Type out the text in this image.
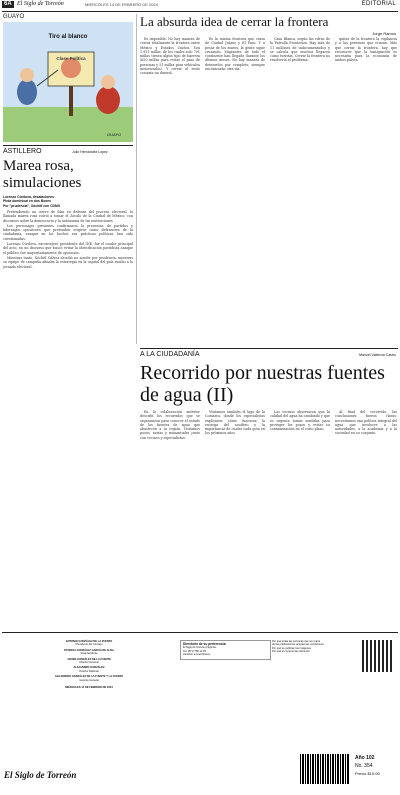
6A El Siglo de Torreón	MIÉRCOLES 14 DE FEBRERO DE 2024	EDITORIAL
GUAYO
Tiro al blanco
Clase Política
GUAYO
La absurda idea de cerrar la frontera
Jorge Ramos

Es imposible. No hay manera de cerrar totalmente la frontera entre México y Estados Unidos. Son 1,951 millas, de los cuales solo 701 millas tienen algún tipo de barrera (650 millas para evitar el paso de personas y 51 millas para vehículos motorizados). Y cerrar el resto costaría un dineral.

Es la misma frontera que cruza de Ciudad Juárez y El Paso. Y a pesar de los muros, la gente sigue cruzando. Migrantes de todo el continente han llegado durante los últimos meses. No hay manera de detenerlos por completo; siempre encontrarán otra vía.

Casa Blanca, según las cifras de la Patrulla Fronteriza. Hay más de 11 millones de indocumentados y se calcula que muchos llegaron como turistas. Cerrar la frontera no resolvería el problema.

quitar de la frontera la vigilancia y a las personas que cruzan. Más que cerrar la frontera, hay que reconocer que la inmigración es necesaria para la economía de ambos países.

ASTILLERO	Julio Hernández López
Marea rosa, simulaciones
Lorenzo Córdova, desalaciones
Pinta dominical en dos Boxes
Por "prudencia", Xóchitl con CDMX

Pretendiendo un cierre de filas en defensa del proceso electoral, la llamada marea rosa volvió a tomar el Zócalo de la Ciudad de México, con discursos sobre la democracia y la autonomía de las instituciones.

Los personajes presentes confirmaron la presencia de partidos y liderazgos opositores que pretenden erigirse como defensores de la ciudadanía, aunque en los hechos sus prácticas políticas han sido cuestionadas.

Lorenzo Córdova, exconsejero presidente del INE, fue el orador principal del acto, en un discurso que buscó evitar la identificación partidista aunque el público fue mayoritariamente de oposición.

Mientras tanto, Xóchitl Gálvez decidió no acudir por prudencia, mientras su equipo de campaña afinaba la estrategia en la capital del país rumbo a la jornada electoral.

A LA CIUDADANÍA	Manuel Valencia Castro
Recorrido por nuestras fuentes de agua (II)

En la colaboración anterior describí los recorridos que se organizaron para conocer el estado de las fuentes de agua que abastecen a la región. Visitamos pozos, norias y manantiales junto con vecinos y especialistas.

Visitamos también el lago de la Comarca, donde los especialistas explicaron cómo funciona la recarga del acuífero y la importancia de cuidar cada gota en los próximos años.

Los vecinos observaron que la calidad del agua ha cambiado y que es urgente tomar medidas para proteger los pozos y evitar su contaminación en el corto plazo.

Al final del recorrido, las conclusiones fueron claras: necesitamos una política integral del agua que involucre a las autoridades, a la academia y a la sociedad en su conjunto.

ANTONIO GONZÁLEZ DE LA FUENTE
Presidente del Consejo
PATRICIA GONZÁLEZ GARCÍA DE ALBA
Vicepresidente
JAVIER GONZÁLEZ DE LA FUENTE
Director General
ALEJANDRO GONZÁLEZ
Director Editorial
ALEJANDRO GONZÁLEZ DE LA FUENTE Y LA FUENTE
Gerente General
MIÉRCOLES 14 DE FEBRERO DE 2024
El Siglo de Torreón
Directorio de su preferencia:
El Siglo de Torreón pregunta:
Tel. (871) 759 12 00
Atención a suscriptores
Por qué todas las personas que son parte
de las publicaciones aceptan las condiciones
Por qué se publican las imágenes
Por qué el compromiso del lector
Año 102
No. 354
Precio $15.00
